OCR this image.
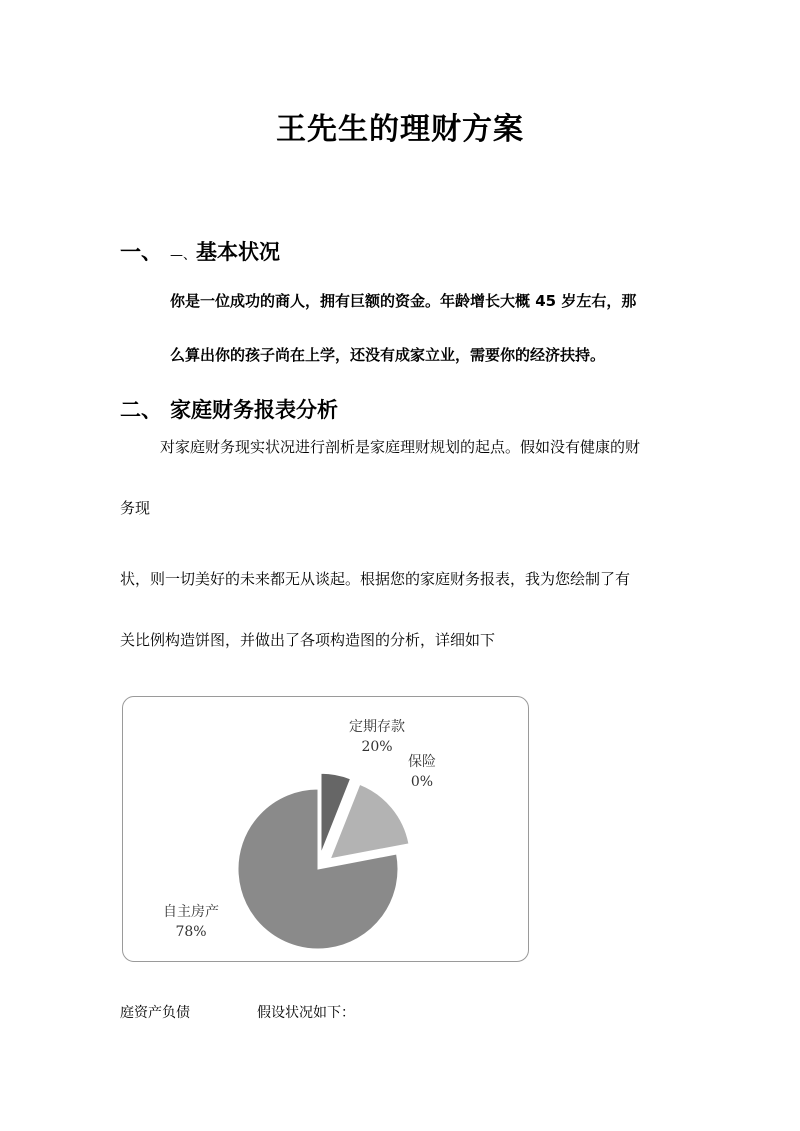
王先生的理财方案
一、 —、基本状况

你是一位成功的商人，拥有巨额的资金。年龄增长大概 45 岁左右，那

么算出你的孩子尚在上学，还没有成家立业，需要你的经济扶持。

二、 家庭财务报表分析

对家庭财务现实状况进行剖析是家庭理财规划的起点。假如没有健康的财

务现

状，则一切美好的未来都无从谈起。根据您的家庭财务报表，我为您绘制了有

关比例构造饼图，并做出了各项构造图的分析，详细如下

定期存款
20%
保险
0%
自主房产
78%
庭资产负债	假设状况如下：
